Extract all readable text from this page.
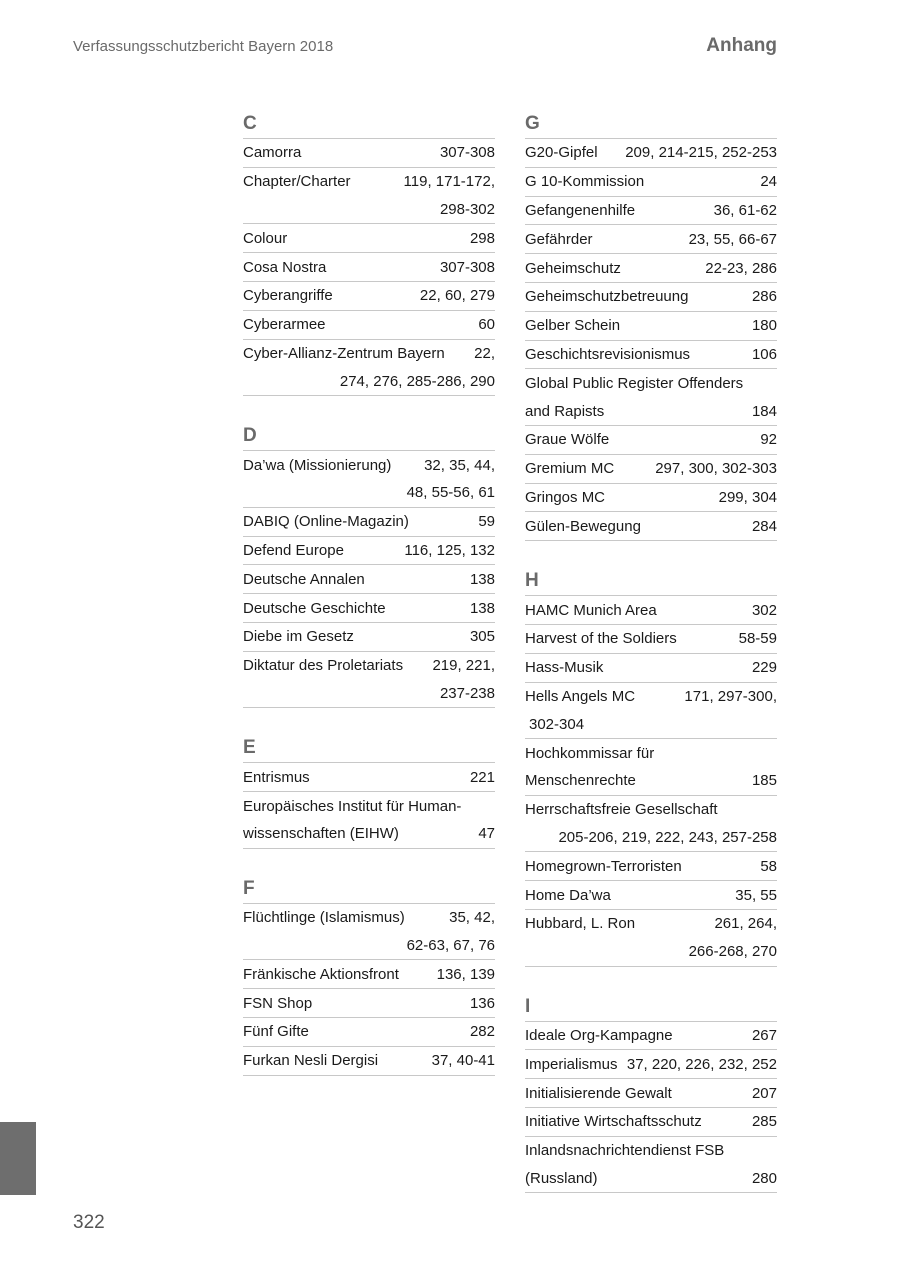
Verfassungsschutzbericht Bayern 2018	Anhang
C
Camorra	307-308
Chapter/Charter	119, 171-172,
298-302
Colour	298
Cosa Nostra	307-308
Cyberangriffe	22, 60, 279
Cyberarmee	60
Cyber-Allianz-Zentrum Bayern 22,
274, 276, 285-286, 290
D
Da’wa (Missionierung) 32, 35, 44,
48, 55-56, 61
DABIQ (Online-Magazin)	59
Defend Europe	116, 125, 132
Deutsche Annalen	138
Deutsche Geschichte	138
Diebe im Gesetz	305
Diktatur des Proletariats 219, 221,
237-238
E
Entrismus	221
Europäisches Institut für Human-
wissenschaften (EIHW)	47
F
Flüchtlinge (Islamismus)	35, 42,
62-63, 67, 76
Fränkische Aktionsfront	136, 139
FSN Shop	136
Fünf Gifte	282
Furkan Nesli Dergisi	37, 40-41
G
G20-Gipfel 209, 214-215, 252-253
G 10-Kommission	24
Gefangenenhilfe	36, 61-62
Gefährder	23, 55, 66-67
Geheimschutz	22-23, 286
Geheimschutzbetreuung	286
Gelber Schein	180
Geschichtsrevisionismus	106
Global Public Register Offenders
and Rapists	184
Graue Wölfe	92
Gremium MC	297, 300, 302-303
Gringos MC	299, 304
Gülen-Bewegung	284
H
HAMC Munich Area	302
Harvest of the Soldiers	58-59
Hass-Musik	229
Hells Angels MC	171, 297-300,
302-304
Hochkommissar für
Menschenrechte	185
Herrschaftsfreie Gesellschaft
205-206, 219, 222, 243, 257-258
Homegrown-Terroristen	58
Home Da’wa	35, 55
Hubbard, L. Ron	261, 264,
266-268, 270
I
Ideale Org-Kampagne	267
Imperialismus 37, 220, 226, 232, 252
Initialisierende Gewalt	207
Initiative Wirtschaftsschutz	285
Inlandsnachrichtendienst FSB
(Russland)	280
322
